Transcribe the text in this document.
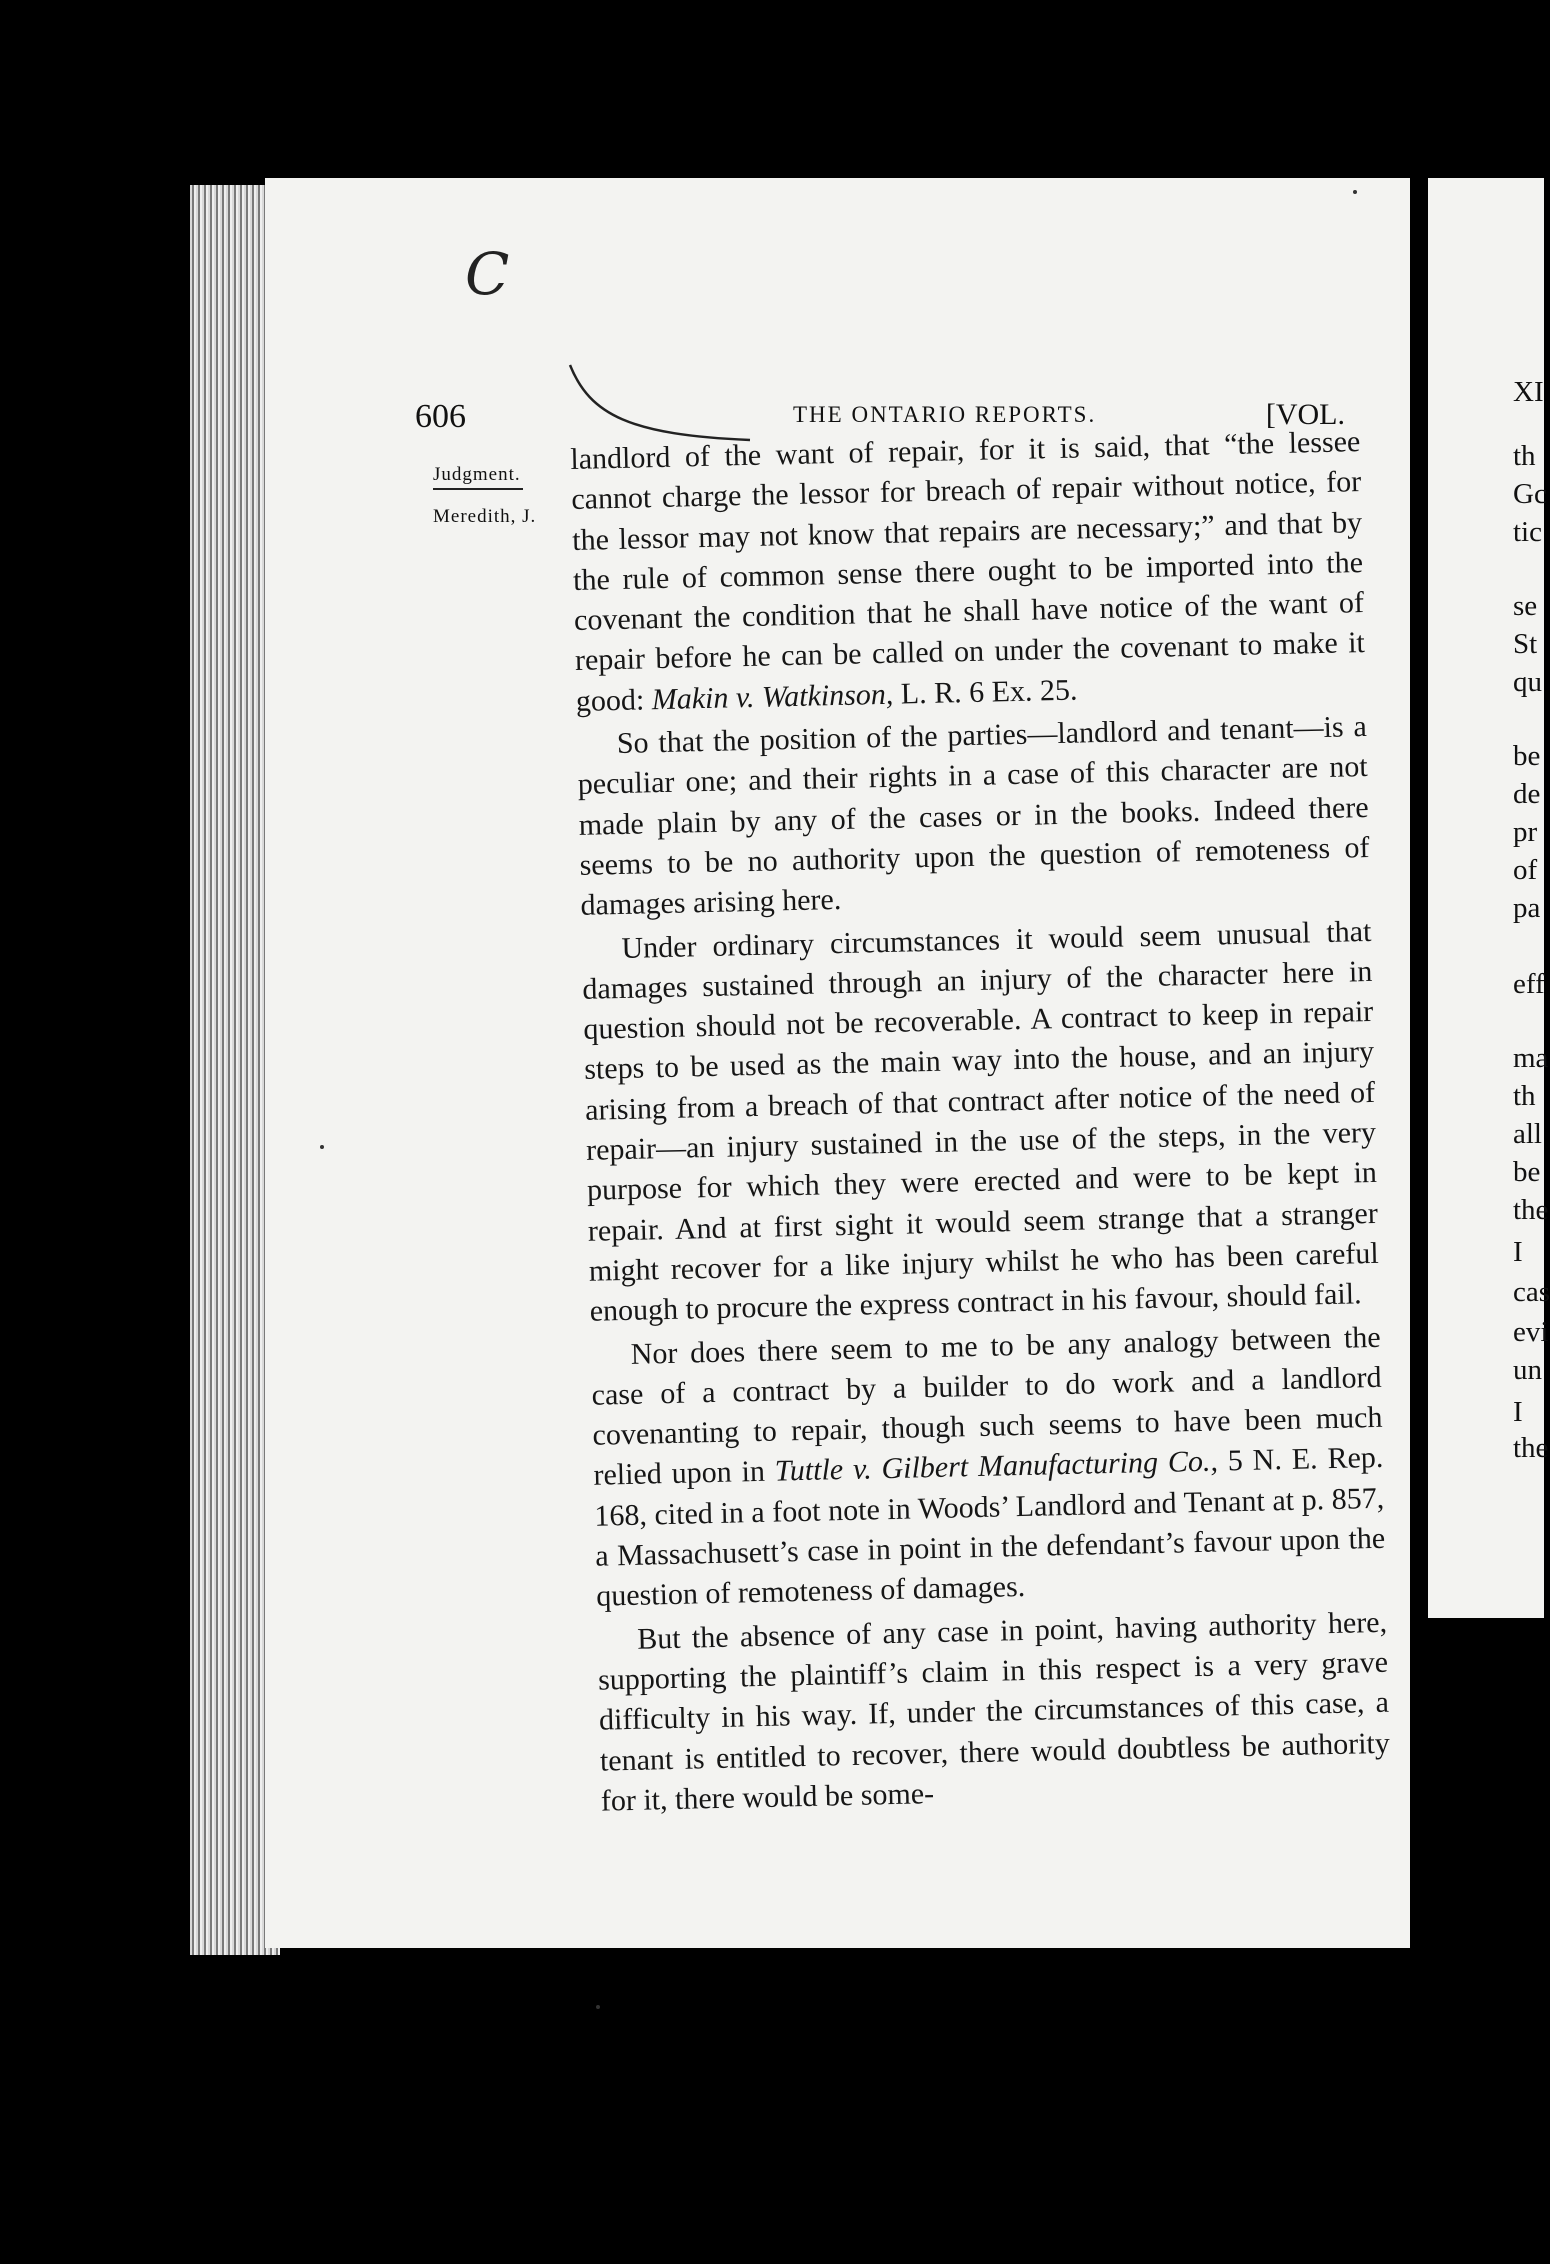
XI
th
Gc
tic
se
St
qu
be
de
pr
of
pa
eff
ma
th
all
be
the
I
cas
evi
un
I
the
C
606	THE ONTARIO REPORTS.	[VOL.
Judgment.
Meredith, J.

landlord of the want of repair, for it is said, that “the lessee cannot charge the lessor for breach of repair without notice, for the lessor may not know that repairs are necessary;” and that by the rule of common sense there ought to be imported into the covenant the condition that he shall have notice of the want of repair before he can be called on under the covenant to make it good: Makin v. Watkinson, L. R. 6 Ex. 25.

So that the position of the parties—landlord and tenant—is a peculiar one; and their rights in a case of this character are not made plain by any of the cases or in the books. Indeed there seems to be no authority upon the question of remoteness of damages arising here.

Under ordinary circumstances it would seem unusual that damages sustained through an injury of the character here in question should not be recoverable. A contract to keep in repair steps to be used as the main way into the house, and an injury arising from a breach of that contract after notice of the need of repair—an injury sustained in the use of the steps, in the very purpose for which they were erected and were to be kept in repair. And at first sight it would seem strange that a stranger might recover for a like injury whilst he who has been careful enough to procure the express contract in his favour, should fail.

Nor does there seem to me to be any analogy between the case of a contract by a builder to do work and a landlord covenanting to repair, though such seems to have been much relied upon in Tuttle v. Gilbert Manufacturing Co., 5 N. E. Rep. 168, cited in a foot note in Woods’ Landlord and Tenant at p. 857, a Massachusett’s case in point in the defendant’s favour upon the question of remoteness of damages.

But the absence of any case in point, having authority here, supporting the plaintiff’s claim in this respect is a very grave difficulty in his way. If, under the circumstances of this case, a tenant is entitled to recover, there would doubtless be authority for it, there would be some-
